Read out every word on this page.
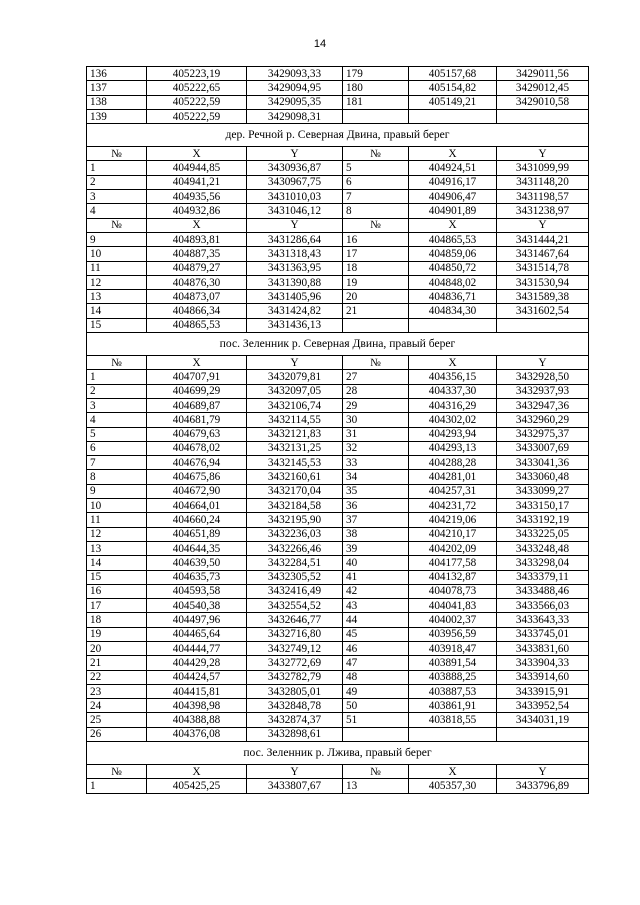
14
136	405223,19	3429093,33	179	405157,68	3429011,56
137	405222,65	3429094,95	180	405154,82	3429012,45
138	405222,59	3429095,35	181	405149,21	3429010,58
139	405222,59	3429098,31			
дер. Речной р. Северная Двина, правый берег					
№	X	Y	№	X	Y
1	404944,85	3430936,87	5	404924,51	3431099,99
2	404941,21	3430967,75	6	404916,17	3431148,20
3	404935,56	3431010,03	7	404906,47	3431198,57
4	404932,86	3431046,12	8	404901,89	3431238,97
№	X	Y	№	X	Y
9	404893,81	3431286,64	16	404865,53	3431444,21
10	404887,35	3431318,43	17	404859,06	3431467,64
11	404879,27	3431363,95	18	404850,72	3431514,78
12	404876,30	3431390,88	19	404848,02	3431530,94
13	404873,07	3431405,96	20	404836,71	3431589,38
14	404866,34	3431424,82	21	404834,30	3431602,54
15	404865,53	3431436,13			
пос. Зеленник р. Северная Двина, правый берег					
№	X	Y	№	X	Y
1	404707,91	3432079,81	27	404356,15	3432928,50
2	404699,29	3432097,05	28	404337,30	3432937,93
3	404689,87	3432106,74	29	404316,29	3432947,36
4	404681,79	3432114,55	30	404302,02	3432960,29
5	404679,63	3432121,83	31	404293,94	3432975,37
6	404678,02	3432131,25	32	404293,13	3433007,69
7	404676,94	3432145,53	33	404288,28	3433041,36
8	404675,86	3432160,61	34	404281,01	3433060,48
9	404672,90	3432170,04	35	404257,31	3433099,27
10	404664,01	3432184,58	36	404231,72	3433150,17
11	404660,24	3432195,90	37	404219,06	3433192,19
12	404651,89	3432236,03	38	404210,17	3433225,05
13	404644,35	3432266,46	39	404202,09	3433248,48
14	404639,50	3432284,51	40	404177,58	3433298,04
15	404635,73	3432305,52	41	404132,87	3433379,11
16	404593,58	3432416,49	42	404078,73	3433488,46
17	404540,38	3432554,52	43	404041,83	3433566,03
18	404497,96	3432646,77	44	404002,37	3433643,33
19	404465,64	3432716,80	45	403956,59	3433745,01
20	404444,77	3432749,12	46	403918,47	3433831,60
21	404429,28	3432772,69	47	403891,54	3433904,33
22	404424,57	3432782,79	48	403888,25	3433914,60
23	404415,81	3432805,01	49	403887,53	3433915,91
24	404398,98	3432848,78	50	403861,91	3433952,54
25	404388,88	3432874,37	51	403818,55	3434031,19
26	404376,08	3432898,61			
пос. Зеленник р. Лжива, правый берег					
№	X	Y	№	X	Y
1	405425,25	3433807,67	13	405357,30	3433796,89
